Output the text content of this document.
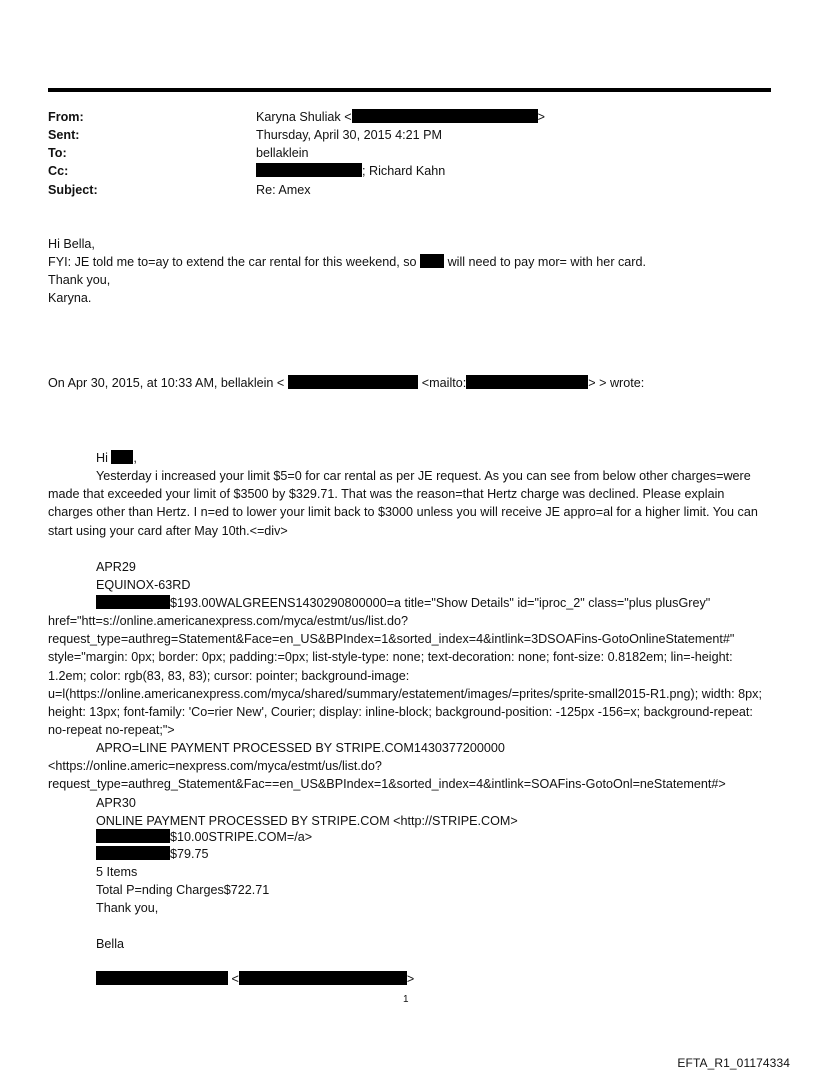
From:	Karyna Shuliak <	>
Sent:	Thursday, April 30, 2015 4:21 PM
To:	bellaklein
Cc:	; Richard Kahn
Subject:	Re: Amex
Hi Bella,
FYI: JE told me to=ay to extend the car rental for this weekend, so will need to pay mor= with her card.
Thank you,
Karyna.
On Apr 30, 2015, at 10:33 AM, bellaklein <	<mailto:	> > wrote:
Hi ,
Yesterday i increased your limit $5=0 for car rental as per JE request. As you can see from below other charges=were made that exceeded your limit of $3500 by $329.71. That was the reason=that Hertz charge was declined. Please explain charges other than Hertz. I n=ed to lower your limit back to $3000 unless you will receive JE appro=al for a higher limit. You can start using your card after May 10th.<=div>
APR29
EQUINOX-63RD
$193.00WALGREENS1430290800000=a title="Show Details" id="iproc_2" class="plus plusGrey"
href="htt=s://online.americanexpress.com/myca/estmt/us/list.do?request_type=authreg=Statement&Face=en_US&BPIndex=1&sorted_index=4&intlink=3DSOAFins-GotoOnlineStatement#" style="margin: 0px; border: 0px; padding:=0px; list-style-type: none; text-decoration: none; font-size: 0.8182em; lin=-height: 1.2em; color: rgb(83, 83, 83); cursor: pointer; background-image: u=l(https://online.americanexpress.com/myca/shared/summary/estatement/images/=prites/sprite-small2015-R1.png); width: 8px; height: 13px; font-family: 'Co=rier New', Courier; display: inline-block; background-position: -125px -156=x; background-repeat: no-repeat no-repeat;">
APRO=LINE PAYMENT PROCESSED BY STRIPE.COM1430377200000
<https://online.americ=nexpress.com/myca/estmt/us/list.do?request_type=authreg_Statement&Fac==en_US&BPIndex=1&sorted_index=4&intlink=SOAFins-GotoOnl=neStatement#>
APR30
ONLINE PAYMENT PROCESSED BY STRIPE.COM <http://STRIPE.COM>
$10.00STRIPE.COM=/a>
$79.75
5 Items
Total P=nding Charges$722.71
Thank you,
Bella
<	>
1
EFTA_R1_01174334
